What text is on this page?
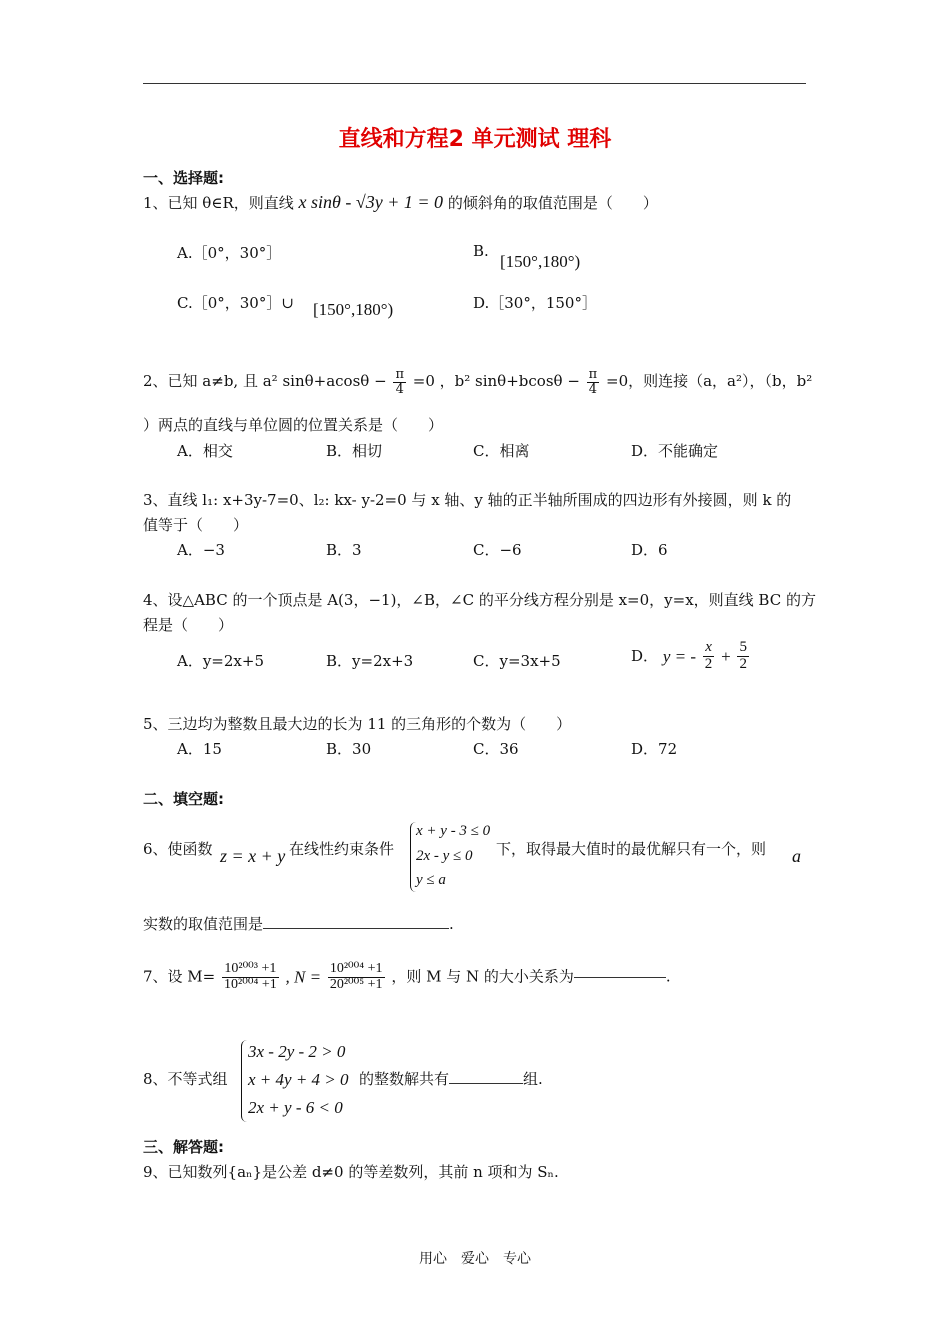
直线和方程2 单元测试 理科
一、选择题:
1、已知 θ∈R，则直线 x sinθ - √3y + 1 = 0 的倾斜角的取值范围是（　　）
A.［0°，30°］	B.
[150°,180°)
C.［0°，30°］∪ [150°,180°)	D.［30°，150°］
2、已知 a≠b, 且 a² $\sin\theta+acos\theta - \frac{\pi}{4} =0$ ，b² $\sin\theta+bcos\theta - \frac{\pi}{4} =0$，则连接（a，a²），（b，b²
）两点的直线与单位圆的位置关系是（　　）
A．相交	B．相切	C．相离	D．不能确定
3、直线 l₁: x+3y-7=0、l₂: kx- y-2=0 与 x 轴、y 轴的正半轴所围成的四边形有外接圆，则 k 的
值等于（　　）
A．−3	B．3	C．−6	D．6
4、设△ABC 的一个顶点是 A(3，−1)，∠B，∠C 的平分线方程分别是 x=0，y=x，则直线 BC 的方
程是（　　）
A．y=2x+5	B．y=2x+3	C．y=3x+5	D． y = - $\frac{x}{2} + \frac{5}{2}$
5、三边均为整数且最大边的长为 11 的三角形的个数为（　　）
A．15	B．30	C．36	D．72
二、填空题:
6、使函数 z = x + y 在线性约束条件
x + y - 3 ≤ 0
2x - y ≤ 0
y ≤ a
下，取得最大值时的最优解只有一个，则 a
实数的取值范围是	.
7、设 $M= \frac{\text{10²⁰⁰³ +1}}{\text{10²⁰⁰⁴ +1}}$ , $N = \frac{\text{10²⁰⁰⁴ +1}}{\text{20²⁰⁰⁵ +1}}$ ，则 M 与 N 的大小关系为	.
8、不等式组
3x - 2y - 2 > 0
x + 4y + 4 > 0
2x + y - 6 < 0
的整数解共有	组.
三、解答题:
9、已知数列{aₙ}是公差 d≠0 的等差数列，其前 n 项和为 Sₙ.
用心　爱心　专心
